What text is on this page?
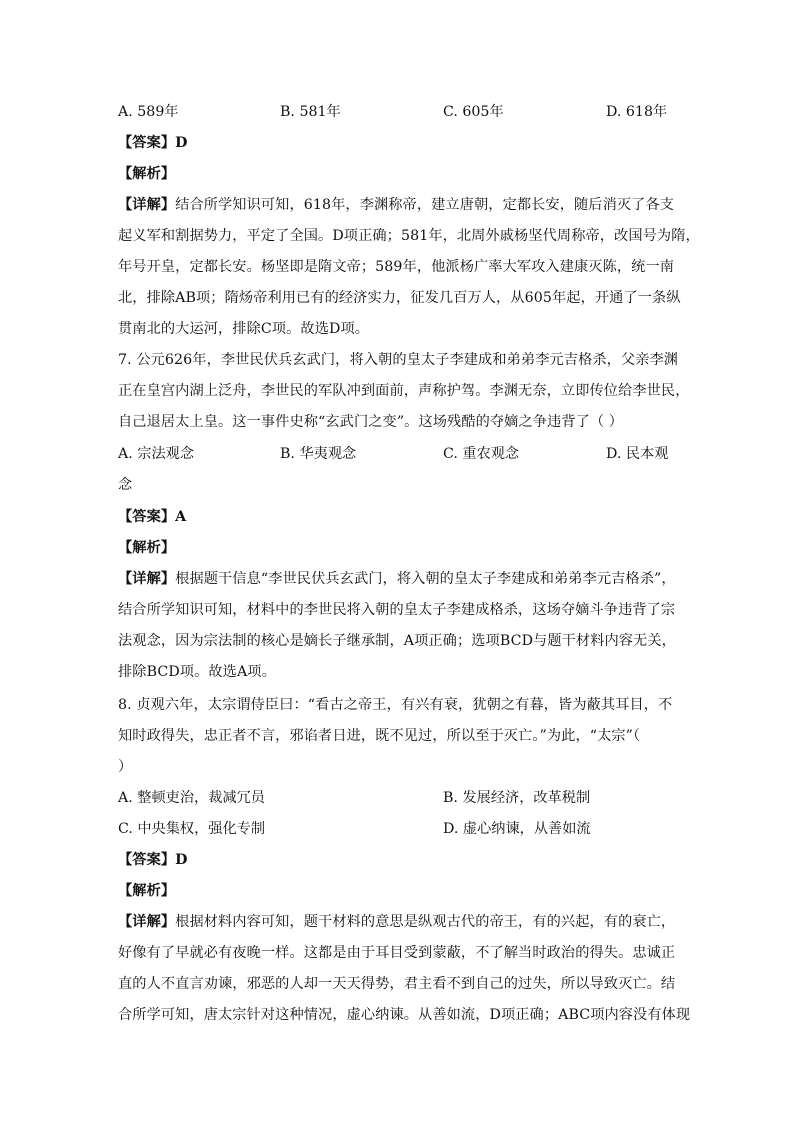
A. 589年	B. 581年	C. 605年	D. 618年
【答案】D
【解析】
【详解】结合所学知识可知，618年，李渊称帝，建立唐朝，定都长安，随后消灭了各支
起义军和割据势力，平定了全国。D项正确；581年，北周外戚杨坚代周称帝，改国号为隋，
年号开皇，定都长安。杨坚即是隋文帝；589年，他派杨广率大军攻入建康灭陈，统一南
北，排除AB项；隋炀帝利用已有的经济实力，征发几百万人，从605年起，开通了一条纵
贯南北的大运河，排除C项。故选D项。
7. 公元626年，李世民伏兵玄武门，将入朝的皇太子李建成和弟弟李元吉格杀，父亲李渊
正在皇宫内湖上泛舟，李世民的军队冲到面前，声称护驾。李渊无奈，立即传位给李世民，
自己退居太上皇。这一事件史称“玄武门之变”。这场残酷的夺嫡之争违背了（ ）
A. 宗法观念	B. 华夷观念	C. 重农观念	D. 民本观
念
【答案】A
【解析】
【详解】根据题干信息“李世民伏兵玄武门，将入朝的皇太子李建成和弟弟李元吉格杀”，
结合所学知识可知，材料中的李世民将入朝的皇太子李建成格杀，这场夺嫡斗争违背了宗
法观念，因为宗法制的核心是嫡长子继承制，A项正确；选项BCD与题干材料内容无关，
排除BCD项。故选A项。
8. 贞观六年，太宗谓侍臣曰：“看古之帝王，有兴有衰，犹朝之有暮，皆为蔽其耳目，不
知时政得失，忠正者不言，邪谄者日进，既不见过，所以至于灭亡。”为此，“太宗”（
）
A. 整顿吏治，裁减冗员	B. 发展经济，改革税制
C. 中央集权，强化专制	D. 虚心纳谏，从善如流
【答案】D
【解析】
【详解】根据材料内容可知，题干材料的意思是纵观古代的帝王，有的兴起，有的衰亡，
好像有了早就必有夜晚一样。这都是由于耳目受到蒙蔽，不了解当时政治的得失。忠诚正
直的人不直言劝谏，邪恶的人却一天天得势，君主看不到自己的过失，所以导致灭亡。结
合所学可知，唐太宗针对这种情况，虚心纳谏。从善如流，D项正确；ABC项内容没有体现
